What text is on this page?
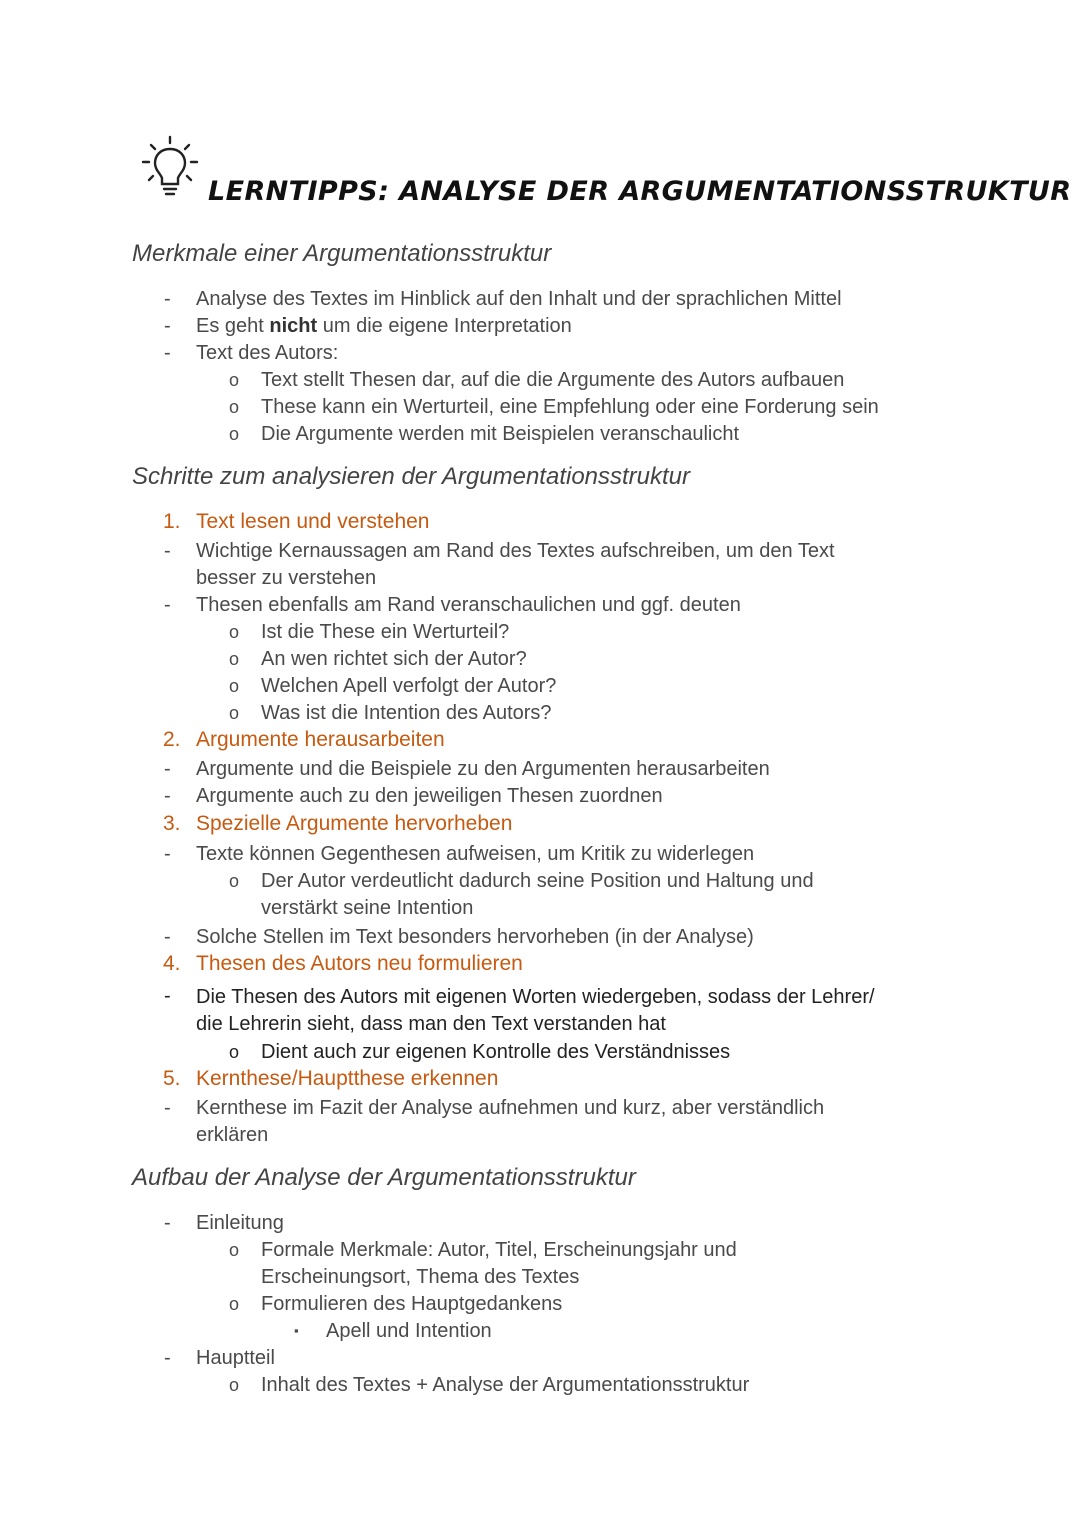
LERNTIPPS: ANALYSE DER ARGUMENTATIONSSTRUKTUR
Merkmale einer Argumentationsstruktur
- Analyse des Textes im Hinblick auf den Inhalt und der sprachlichen Mittel
- Es geht nicht um die eigene Interpretation
- Text des Autors:
o Text stellt Thesen dar, auf die die Argumente des Autors aufbauen
o These kann ein Werturteil, eine Empfehlung oder eine Forderung sein
o Die Argumente werden mit Beispielen veranschaulicht
Schritte zum analysieren der Argumentationsstruktur
1. Text lesen und verstehen
- Wichtige Kernaussagen am Rand des Textes aufschreiben, um den Text
besser zu verstehen
- Thesen ebenfalls am Rand veranschaulichen und ggf. deuten
o Ist die These ein Werturteil?
o An wen richtet sich der Autor?
o Welchen Apell verfolgt der Autor?
o Was ist die Intention des Autors?
2. Argumente herausarbeiten
- Argumente und die Beispiele zu den Argumenten herausarbeiten
- Argumente auch zu den jeweiligen Thesen zuordnen
3. Spezielle Argumente hervorheben
- Texte können Gegenthesen aufweisen, um Kritik zu widerlegen
o Der Autor verdeutlicht dadurch seine Position und Haltung und
verstärkt seine Intention
- Solche Stellen im Text besonders hervorheben (in der Analyse)
4. Thesen des Autors neu formulieren
- Die Thesen des Autors mit eigenen Worten wiedergeben, sodass der Lehrer/
die Lehrerin sieht, dass man den Text verstanden hat
o Dient auch zur eigenen Kontrolle des Verständnisses
5. Kernthese/Hauptthese erkennen
- Kernthese im Fazit der Analyse aufnehmen und kurz, aber verständlich
erklären
Aufbau der Analyse der Argumentationsstruktur
- Einleitung
o Formale Merkmale: Autor, Titel, Erscheinungsjahr und
Erscheinungsort, Thema des Textes
o Formulieren des Hauptgedankens
▪ Apell und Intention
- Hauptteil
o Inhalt des Textes + Analyse der Argumentationsstruktur
